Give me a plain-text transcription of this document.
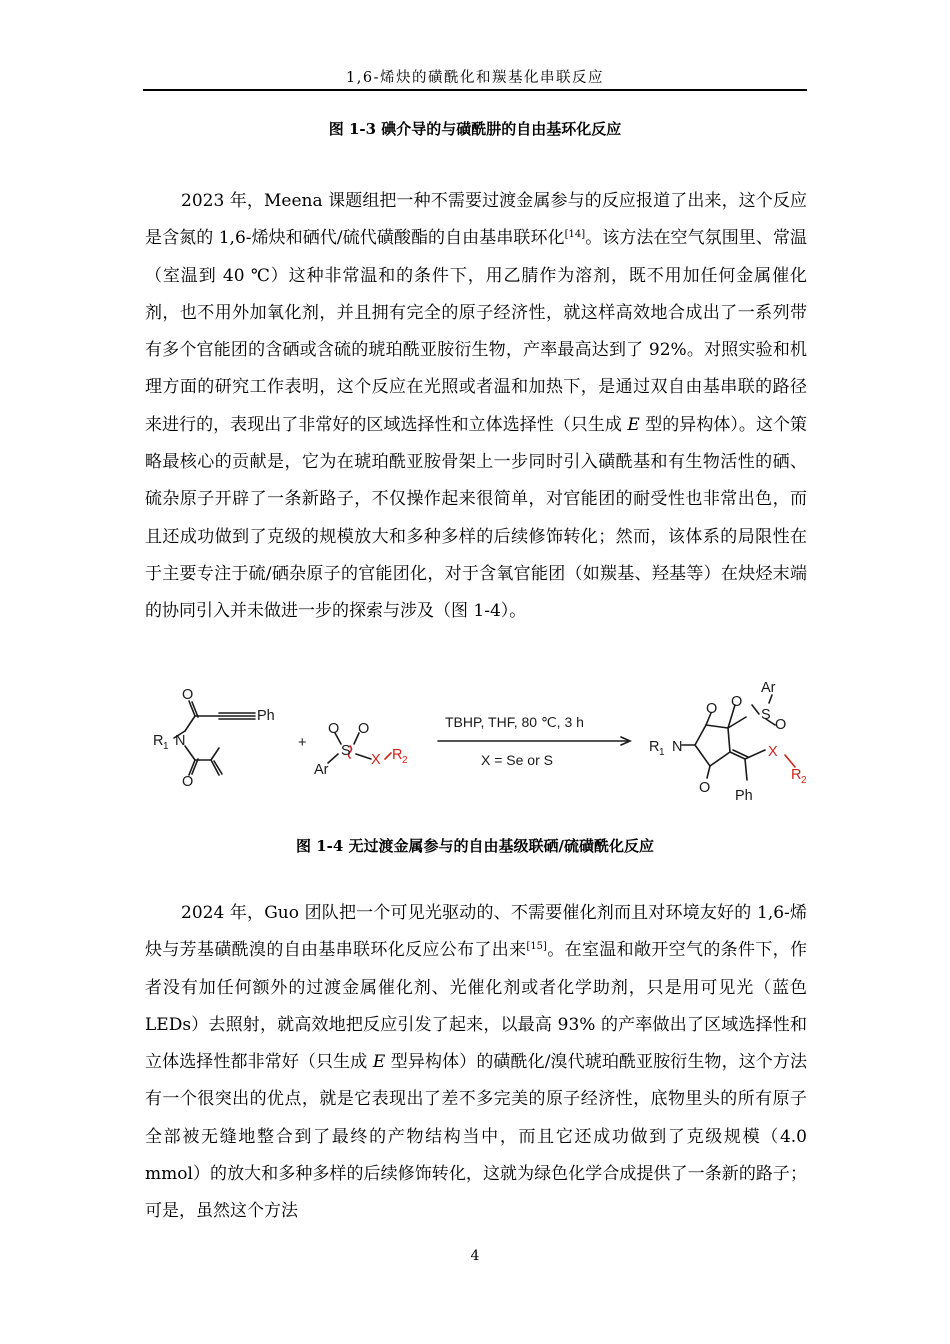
1,6-烯炔的磺酰化和羰基化串联反应
图 1-3 碘介导的与磺酰肼的自由基环化反应

2023 年，Meena 课题组把一种不需要过渡金属参与的反应报道了出来，这个反应是含氮的 1,6-烯炔和硒代/硫代磺酸酯的自由基串联环化[14]。该方法在空气氛围里、常温（室温到 40 ℃）这种非常温和的条件下，用乙腈作为溶剂，既不用加任何金属催化剂，也不用外加氧化剂，并且拥有完全的原子经济性，就这样高效地合成出了一系列带有多个官能团的含硒或含硫的琥珀酰亚胺衍生物，产率最高达到了 92%。对照实验和机理方面的研究工作表明，这个反应在光照或者温和加热下，是通过双自由基串联的路径来进行的，表现出了非常好的区域选择性和立体选择性（只生成 E 型的异构体）。这个策略最核心的贡献是，它为在琥珀酰亚胺骨架上一步同时引入磺酰基和有生物活性的硒、硫杂原子开辟了一条新路子，不仅操作起来很简单，对官能团的耐受性也非常出色，而且还成功做到了克级的规模放大和多种多样的后续修饰转化；然而，该体系的局限性在于主要专注于硫/硒杂原子的官能团化，对于含氧官能团（如羰基、羟基等）在炔烃末端的协同引入并未做进一步的探索与涉及（图 1-4）。

R 1 N
O
O
Ph
+
O O
S
Ar
TBHP, THF, 80 ℃, 3 h
X = Se or S
R 1 N
O
O
O
O
S
Ar
Ph
X R 2
X
R 2
图 1-4 无过渡金属参与的自由基级联硒/硫磺酰化反应

2024 年，Guo 团队把一个可见光驱动的、不需要催化剂而且对环境友好的 1,6-烯炔与芳基磺酰溴的自由基串联环化反应公布了出来[15]。在室温和敞开空气的条件下，作者没有加任何额外的过渡金属催化剂、光催化剂或者化学助剂，只是用可见光（蓝色 LEDs）去照射，就高效地把反应引发了起来，以最高 93% 的产率做出了区域选择性和立体选择性都非常好（只生成 E 型异构体）的磺酰化/溴代琥珀酰亚胺衍生物，这个方法有一个很突出的优点，就是它表现出了差不多完美的原子经济性，底物里头的所有原子全部被无缝地整合到了最终的产物结构当中，而且它还成功做到了克级规模（4.0 mmol）的放大和多种多样的后续修饰转化，这就为绿色化学合成提供了一条新的路子；可是，虽然这个方法

4
